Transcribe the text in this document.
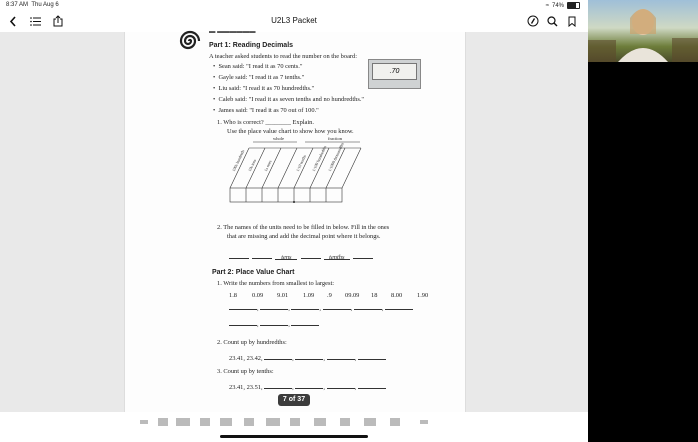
8:37 AM Thu Aug 6	≈ 74%
U2L3 Packet
▬ ▬▬▬▬▬▬
Part 1: Reading Decimals
A teacher asked students to read the number on the board:
•  Sean said: "I read it as 70 cents."
•  Gayle said: "I read it as 7 tenths."
•  Liu said: "I read it as 70 hundredths."
•  Caleb said: "I read it as seven tenths and no hundredths."
•  James said: "I read it as 70 out of 100."
1. Who is correct? ________ Explain.
Use the place value chart to show how you know.
whole	fraction
100s hundreds 10s tens 1s ones	1/10 tenths 1/100 hundredths 1/1000 thousandths
2. The names of the units need to be filled in below. Fill in the ones
that are missing and add the decimal point where it belongs.
tens	tenths
Part 2: Place Value Chart
1. Write the numbers from smallest to largest:
1.8	0.09	9.01	1.09	.9	09.09	18	8.00	1.90
,	,	,	,	,
,	,
2. Count up by hundredths:
23.41, 23.42,	,	,	,
3. Count up by tenths:
23.41, 23.51,	,	,	,
.70
7 of 37
